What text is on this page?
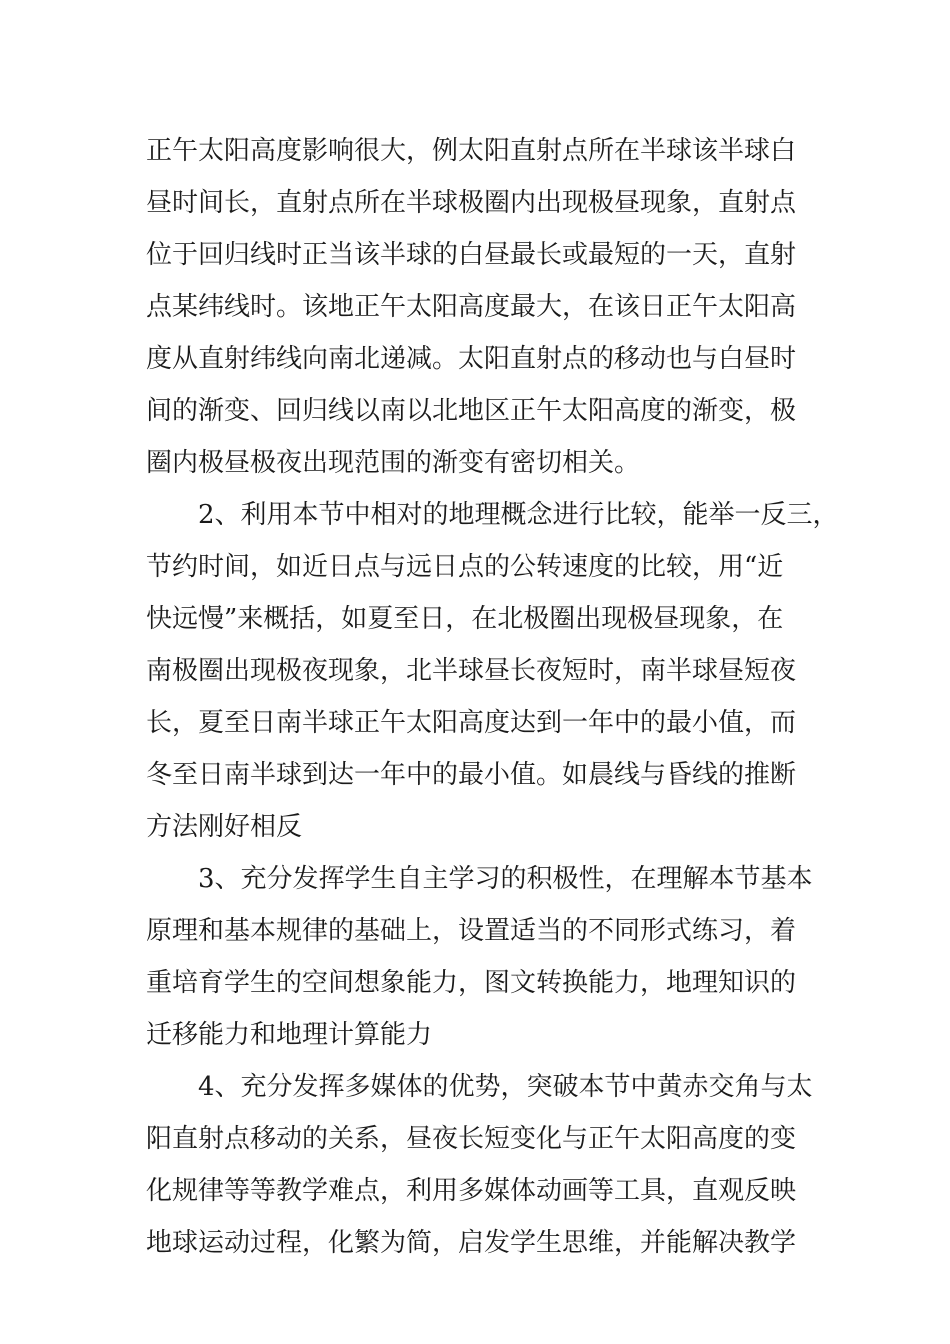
正午太阳高度影响很大，例太阳直射点所在半球该半球白
昼时间长，直射点所在半球极圈内出现极昼现象，直射点
位于回归线时正当该半球的白昼最长或最短的一天，直射
点某纬线时。该地正午太阳高度最大，在该日正午太阳高
度从直射纬线向南北递减。太阳直射点的移动也与白昼时
间的渐变、回归线以南以北地区正午太阳高度的渐变，极
圈内极昼极夜出现范围的渐变有密切相关。
2、利用本节中相对的地理概念进行比较，能举一反三，
节约时间，如近日点与远日点的公转速度的比较，用“近
快远慢”来概括，如夏至日，在北极圈出现极昼现象，在
南极圈出现极夜现象，北半球昼长夜短时，南半球昼短夜
长，夏至日南半球正午太阳高度达到一年中的最小值，而
冬至日南半球到达一年中的最小值。如晨线与昏线的推断
方法刚好相反
3、充分发挥学生自主学习的积极性，在理解本节基本
原理和基本规律的基础上，设置适当的不同形式练习，着
重培育学生的空间想象能力，图文转换能力，地理知识的
迁移能力和地理计算能力
4、充分发挥多媒体的优势，突破本节中黄赤交角与太
阳直射点移动的关系，昼夜长短变化与正午太阳高度的变
化规律等等教学难点，利用多媒体动画等工具，直观反映
地球运动过程，化繁为简，启发学生思维，并能解决教学
